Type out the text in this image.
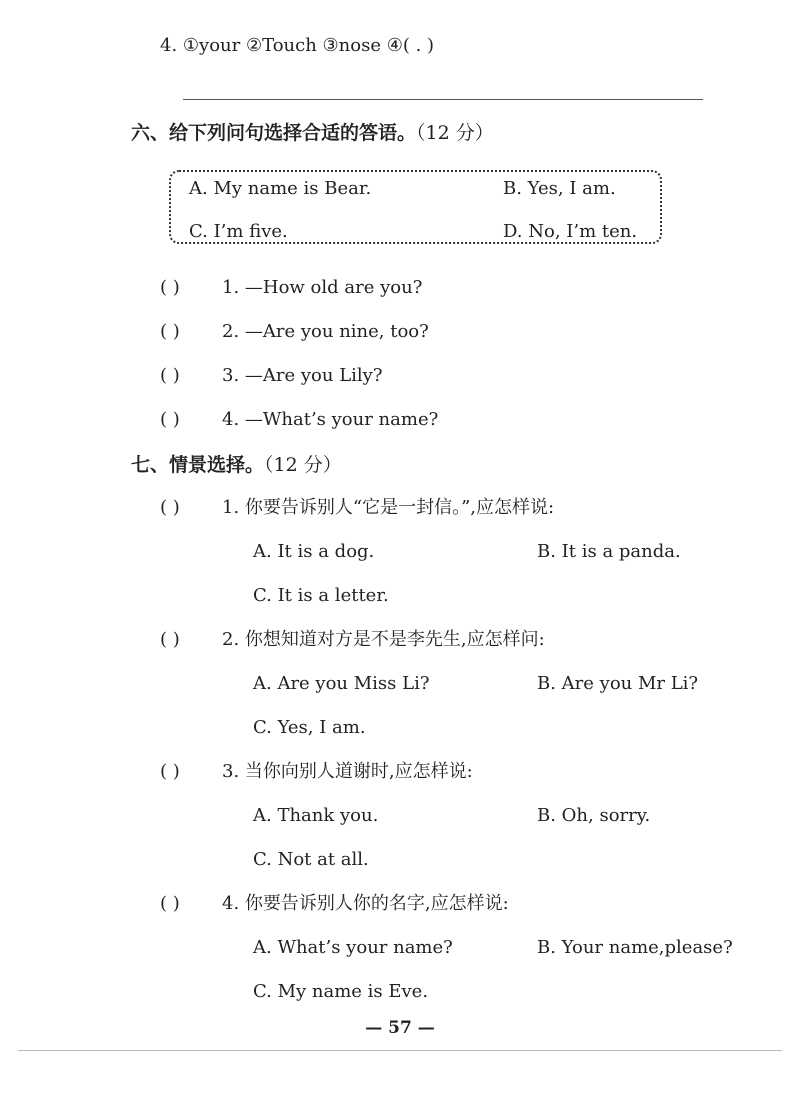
4. ①your ②Touch ③nose ④( . )
六、给下列问句选择合适的答语。（12 分）
A. My name is Bear.	B. Yes, I am.
C. I’m five.	D. No, I’m ten.
( ) 1. —How old are you?
( ) 2. —Are you nine, too?
( ) 3. —Are you Lily?
( ) 4. —What’s your name?
七、情景选择。（12 分）
( ) 1. 你要告诉别人“它是一封信。”,应怎样说:
A. It is a dog.	B. It is a panda.
C. It is a letter.
( ) 2. 你想知道对方是不是李先生,应怎样问:
A. Are you Miss Li?	B. Are you Mr Li?
C. Yes, I am.
( ) 3. 当你向别人道谢时,应怎样说:
A. Thank you.	B. Oh, sorry.
C. Not at all.
( ) 4. 你要告诉别人你的名字,应怎样说:
A. What’s your name?	B. Your name,please?
C. My name is Eve.
— 57 —
